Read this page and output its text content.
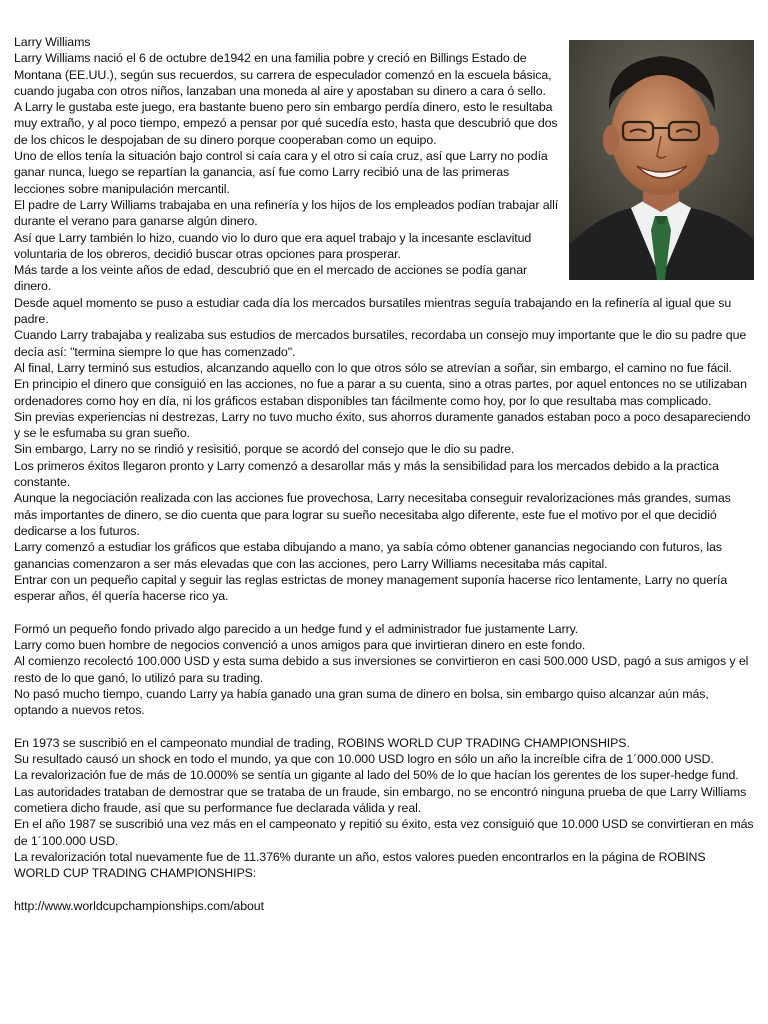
Larry Williams

Larry Williams nació el 6 de octubre de1942 en una familia pobre y creció en Billings Estado de Montana (EE.UU.), según sus recuerdos, su carrera de especulador comenzó en la escuela básica, cuando jugaba con otros niños, lanzaban una moneda al aire y apostaban su dinero a cara ó sello.

A Larry le gustaba este juego, era bastante bueno pero sin embargo perdía dinero, esto le resultaba muy extraño, y al poco tiempo, empezó a pensar por qué sucedía esto, hasta que descubrió que dos de los chicos le despojaban de su dinero porque cooperaban como un equipo.

Uno de ellos tenía la situación bajo control si caía cara y el otro si caía cruz, así que Larry no podía ganar nunca, luego se repartían la ganancia, así fue como Larry recibió una de las primeras lecciones sobre manipulación mercantil.

El padre de Larry Williams trabajaba en una refinería y los hijos de los empleados podían trabajar allí durante el verano para ganarse algún dinero.

Así que Larry también lo hizo, cuando vio lo duro que era aquel trabajo y la incesante esclavitud voluntaria de los obreros, decidió buscar otras opciones para prosperar.

Más tarde a los veinte años de edad, descubrió que en el mercado de acciones se podía ganar dinero.

Desde aquel momento se puso a estudiar cada día los mercados bursatiles mientras seguía trabajando en la refinería al igual que su padre.

Cuando Larry trabajaba y realizaba sus estudios de mercados bursatiles, recordaba un consejo muy importante que le dio su padre que decía así: "termina siempre lo que has comenzado".

Al final, Larry terminó sus estudios, alcanzando aquello con lo que otros sólo se atrevían a soñar, sin embargo, el camino no fue fácil.

En principio el dinero que consiguió en las acciones, no fue a parar a su cuenta, sino a otras partes, por aquel entonces no se utilizaban ordenadores como hoy en día, ni los gráficos estaban disponibles tan fácilmente como hoy, por lo que resultaba mas complicado.

Sin previas experiencias ni destrezas, Larry no tuvo mucho éxito, sus ahorros duramente ganados estaban poco a poco desapareciendo y se le esfumaba su gran sueño.

Sin embargo, Larry no se rindió y resisitió, porque se acordó del consejo que le dio su padre.

Los primeros éxitos llegaron pronto y Larry comenzó a desarollar más y más la sensibilidad para los mercados debido a la practica constante.

Aunque la negociación realizada con las acciones fue provechosa, Larry necesitaba conseguir revalorizaciones más grandes, sumas más importantes de dinero, se dio cuenta que para lograr su sueño necesitaba algo diferente, este fue el motivo por el que decidió dedicarse a los futuros.

Larry comenzó a estudiar los gráficos que estaba dibujando a mano, ya sabía cómo obtener ganancias negociando con futuros, las ganancias comenzaron a ser más elevadas que con las acciones, pero Larry Williams necesitaba más capital.

Entrar con un pequeño capital y seguir las reglas estrictas de money management suponía hacerse rico lentamente, Larry no quería esperar años, él quería hacerse rico ya.

Formó un pequeño fondo privado algo parecido a un hedge fund y el administrador fue justamente Larry.

Larry como buen hombre de negocios convenció a unos amigos para que invirtieran dinero en este fondo.

Al comienzo recolectó 100.000 USD y esta suma debido a sus inversiones se convirtieron en casi 500.000 USD, pagó a sus amigos y el resto de lo que ganó, lo utilizó para su trading.

No pasó mucho tiempo, cuando Larry ya había ganado una gran suma de dinero en bolsa, sin embargo quiso alcanzar aún más, optando a nuevos retos.

En 1973 se suscribió en el campeonato mundial de trading, ROBINS WORLD CUP TRADING CHAMPIONSHIPS.

Su resultado causó un shock en todo el mundo, ya que con 10.000 USD logro en sólo un año la increíble cifra de 1´000.000 USD.

La revalorización fue de más de 10.000% se sentía un gigante al lado del 50% de lo que hacían los gerentes de los super-hedge fund.

Las autoridades trataban de demostrar que se trataba de un fraude, sin embargo, no se encontró ninguna prueba de que Larry Williams cometiera dicho fraude, así que su performance fue declarada válida y real.

En el año 1987 se suscribió una vez más en el campeonato y repitió su éxito, esta vez consiguió que 10.000 USD se convirtieran en más de 1´100.000 USD.

La revalorización total nuevamente fue de 11.376% durante un año, estos valores pueden encontrarlos en la página de ROBINS WORLD CUP TRADING CHAMPIONSHIPS:

http://www.worldcupchampionships.com/about
